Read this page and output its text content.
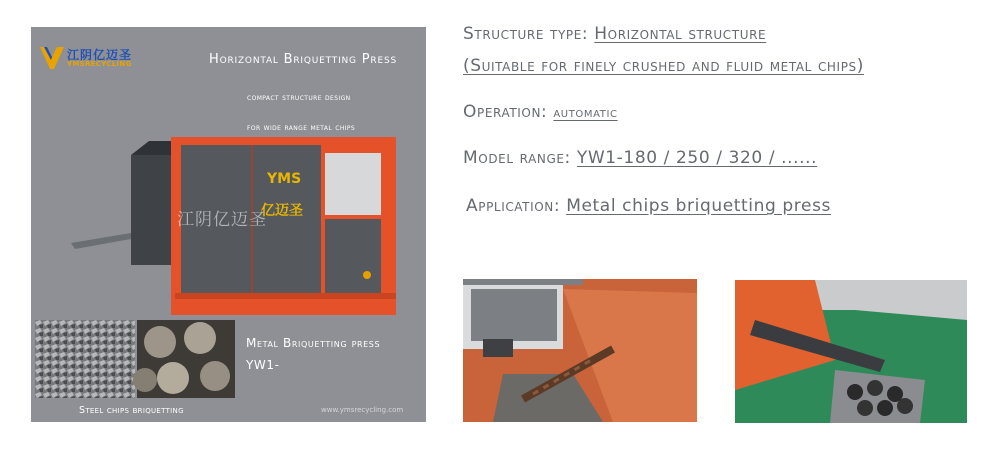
江阴亿迈圣
YMSRECYCLING	Horizontal Briquetting Press
compact structure design
for wide range metal chips
YMS
亿迈圣
江阴亿迈圣
Metal Briquetting press
YW1-
Steel chips briquetting	www.ymsrecycling.com
Structure type: Horizontal structure
(Suitable for finely crushed and fluid metal chips)
Operation: automatic
Model range: YW1-180 / 250 / 320 / ......
Application: Metal chips briquetting press
